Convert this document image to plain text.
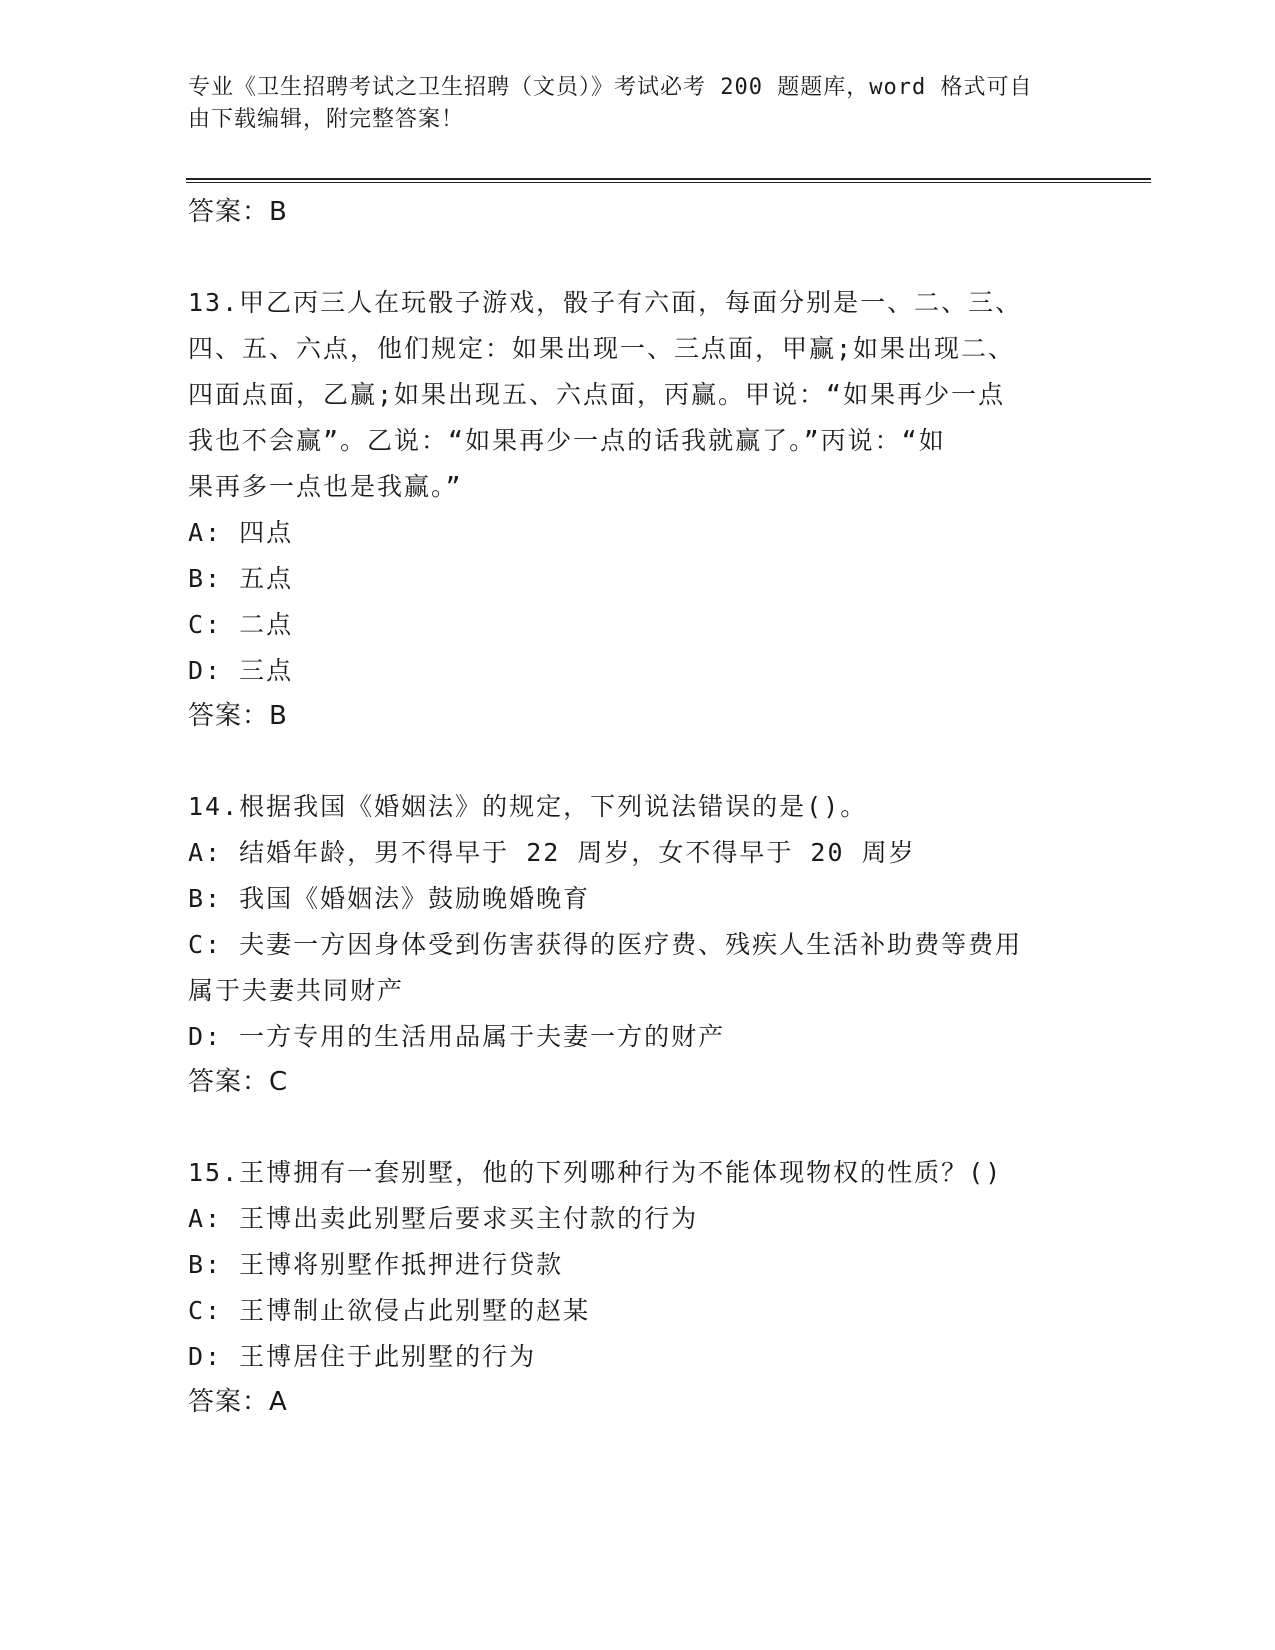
专业《卫生招聘考试之卫生招聘（文员）》考试必考 200 题题库，word 格式可自
由下载编辑，附完整答案！

答案：B

13.甲乙丙三人在玩骰子游戏，骰子有六面，每面分别是一、二、三、

四、五、六点，他们规定：如果出现一、三点面，甲赢;如果出现二、

四面点面，乙赢;如果出现五、六点面，丙赢。甲说：“如果再少一点

我也不会赢”。乙说：“如果再少一点的话我就赢了。”丙说：“如

果再多一点也是我赢。”

A:
四点

B:
五点

C:
二点

D:
三点

答案：B

14.根据我国《婚姻法》的规定，下列说法错误的是()。

A:
结婚年龄，男不得早于 22 周岁，女不得早于 20 周岁

B:
我国《婚姻法》鼓励晚婚晚育

C:
夫妻一方因身体受到伤害获得的医疗费、残疾人生活补助费等费用

属于夫妻共同财产

D:
一方专用的生活用品属于夫妻一方的财产

答案：C

15.王博拥有一套别墅，他的下列哪种行为不能体现物权的性质？()

A:
王博出卖此别墅后要求买主付款的行为

B:
王博将别墅作抵押进行贷款

C:
王博制止欲侵占此别墅的赵某

D:
王博居住于此别墅的行为

答案：A
